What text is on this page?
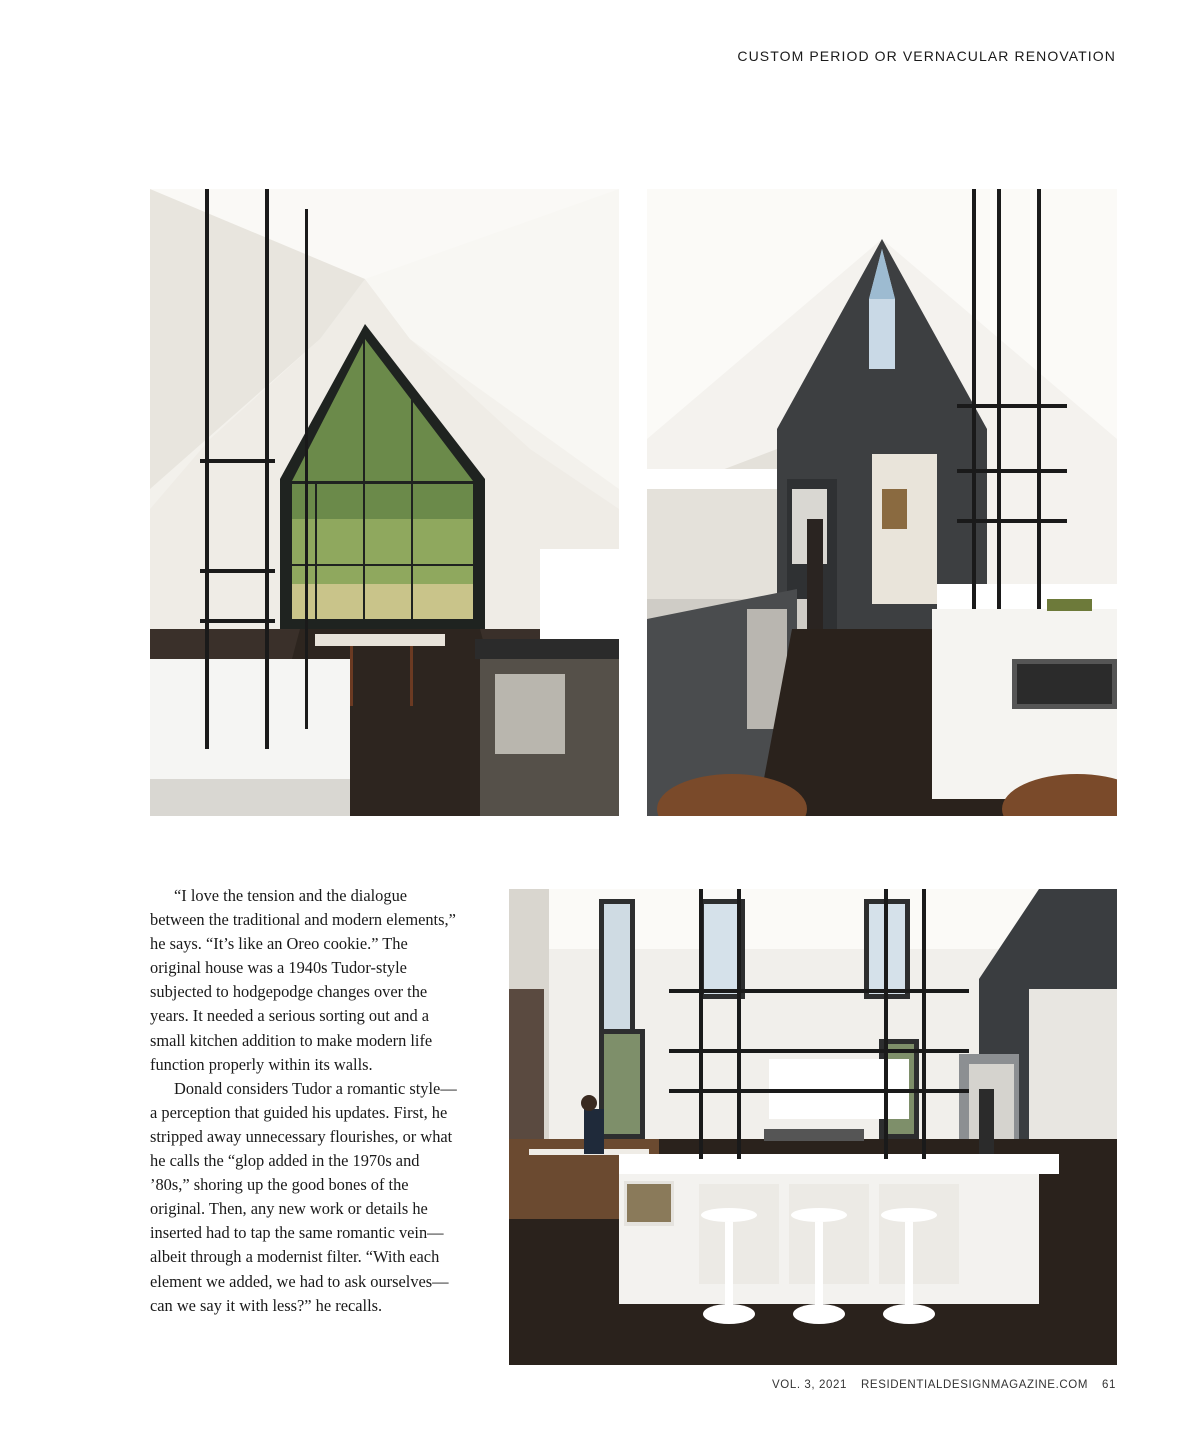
CUSTOM PERIOD OR VERNACULAR RENOVATION

“I love the tension and the dialogue between the traditional and modern elements,” he says. “It’s like an Oreo cookie.” The original house was a 1940s Tudor-style subjected to hodgepodge changes over the years. It needed a serious sorting out and a small kitchen addition to make modern life function properly within its walls.

Donald considers Tudor a romantic style—a perception that guided his updates. First, he stripped away unnecessary flourishes, or what he calls the “glop added in the 1970s and ’80s,” shoring up the good bones of the original. Then, any new work or details he inserted had to tap the same romantic vein—albeit through a modernist filter. “With each element we added, we had to ask ourselves—can we say it with less?” he recalls.

VOL. 3, 2021 RESIDENTIALDESIGNMAGAZINE.COM 61
